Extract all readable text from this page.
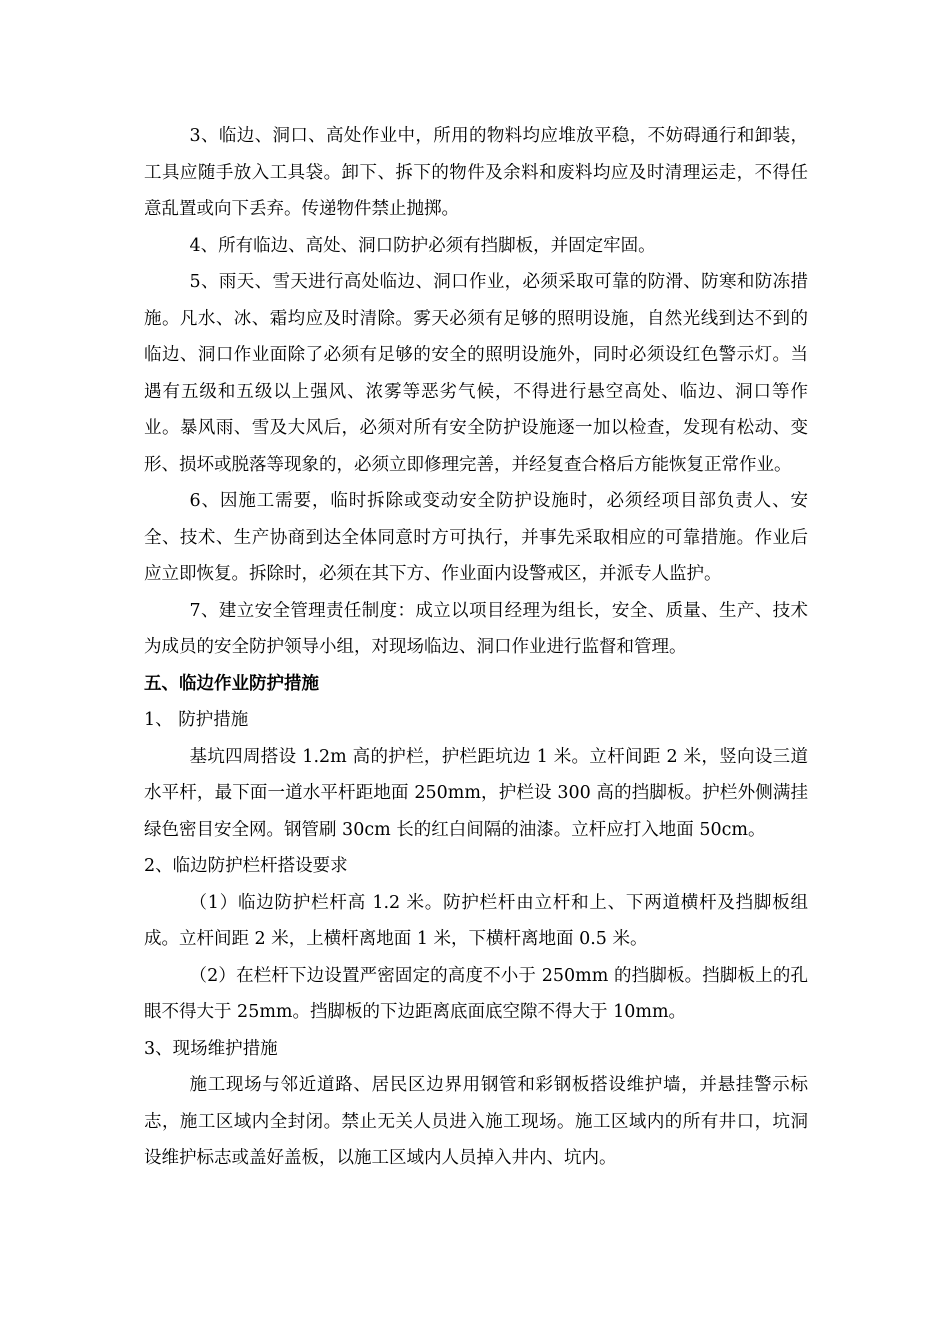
3、临边、洞口、高处作业中，所用的物料均应堆放平稳，不妨碍通行和卸装，工具应随手放入工具袋。卸下、拆下的物件及余料和废料均应及时清理运走，不得任意乱置或向下丢弃。传递物件禁止抛掷。

4、所有临边、高处、洞口防护必须有挡脚板，并固定牢固。

5、雨天、雪天进行高处临边、洞口作业，必须采取可靠的防滑、防寒和防冻措施。凡水、冰、霜均应及时清除。雾天必须有足够的照明设施，自然光线到达不到的临边、洞口作业面除了必须有足够的安全的照明设施外，同时必须设红色警示灯。当遇有五级和五级以上强风、浓雾等恶劣气候，不得进行悬空高处、临边、洞口等作业。暴风雨、雪及大风后，必须对所有安全防护设施逐一加以检查，发现有松动、变形、损坏或脱落等现象的，必须立即修理完善，并经复查合格后方能恢复正常作业。

6、因施工需要，临时拆除或变动安全防护设施时，必须经项目部负责人、安全、技术、生产协商到达全体同意时方可执行，并事先采取相应的可靠措施。作业后应立即恢复。拆除时，必须在其下方、作业面内设警戒区，并派专人监护。

7、建立安全管理责任制度：成立以项目经理为组长，安全、质量、生产、技术为成员的安全防护领导小组，对现场临边、洞口作业进行监督和管理。

五、临边作业防护措施

1、 防护措施

基坑四周搭设 1.2m 高的护栏，护栏距坑边 1 米。立杆间距 2 米，竖向设三道水平杆，最下面一道水平杆距地面 250mm，护栏设 300 高的挡脚板。护栏外侧满挂绿色密目安全网。钢管刷 30cm 长的红白间隔的油漆。立杆应打入地面 50cm。

2、临边防护栏杆搭设要求

（1）临边防护栏杆高 1.2 米。防护栏杆由立杆和上、下两道横杆及挡脚板组成。立杆间距 2 米，上横杆离地面 1 米，下横杆离地面 0.5 米。

（2）在栏杆下边设置严密固定的高度不小于 250mm 的挡脚板。挡脚板上的孔眼不得大于 25mm。挡脚板的下边距离底面底空隙不得大于 10mm。

3、现场维护措施

施工现场与邻近道路、居民区边界用钢管和彩钢板搭设维护墙，并悬挂警示标志，施工区域内全封闭。禁止无关人员进入施工现场。施工区域内的所有井口，坑洞设维护标志或盖好盖板，以施工区域内人员掉入井内、坑内。
